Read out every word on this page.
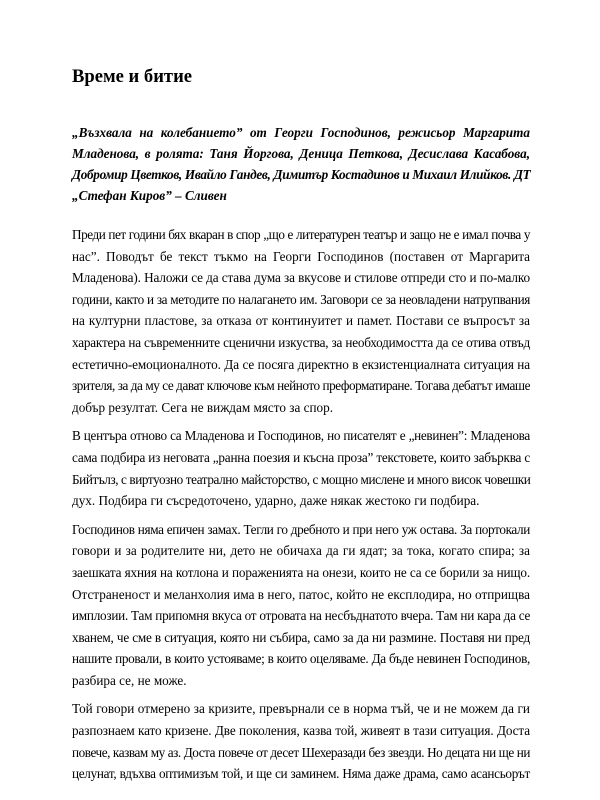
Време и битие

„Възхвала на колебанието” от Георги Господинов, режисьор Маргарита
Младенова, в ролята: Таня Йоргова, Деница Петкова, Десислава Касабова,
Добромир Цветков, Ивайло Гандев, Димитър Костадинов и Михаил Илийков. ДТ
„Стефан Киров” – Сливен

Преди пет години бях вкаран в спор „що е литературен театър и защо не е имал почва у
нас”. Поводът бе текст тъкмо на Георги Господинов (поставен от Маргарита
Младенова). Наложи се да става дума за вкусове и стилове отпреди сто и по-малко
години, както и за методите по налагането им. Заговори се за неовладени натрупвания
на културни пластове, за отказа от континуитет и памет. Постави се въпросът за
характера на съвременните сценични изкуства, за необходимостта да се отива отвъд
естетично-емоционалното. Да се посяга директно в екзистенциалната ситуация на
зрителя, за да му се дават ключове към нейното преформатиране. Тогава дебатът имаше
добър резултат. Сега не виждам място за спор.

В центъра отново са Младенова и Господинов, но писателят е „невинен”: Младенова
сама подбира из неговата „ранна поезия и късна проза” текстовете, които забърква с
Бийтълз, с виртуозно театрално майсторство, с мощно мислене и много висок човешки
дух. Подбира ги съсредоточено, ударно, даже някак жестоко ги подбира.

Господинов няма епичен замах. Тегли го дребното и при него уж остава. За портокали
говори и за родителите ни, дето не обичаха да ги ядат; за тока, когато спира; за
заешката яхния на котлона и пораженията на онези, които не са се борили за нищо.
Отстраненост и меланхолия има в него, патос, който не експлодира, но отприщва
имплозии. Там припомня вкуса от отровата на несбъднатото вчера. Там ни кара да се
хванем, че сме в ситуация, която ни събира, само за да ни размине. Поставя ни пред
нашите провали, в които устояваме; в които оцеляваме. Да бъде невинен Господинов,
разбира се, не може.

Той говори отмерено за кризите, превърнали се в норма тъй, че и не можем да ги
разпознаем като кризене. Две поколения, казва той, живеят в тази ситуация. Доста
повече, казвам му аз. Доста повече от десет Шехеразади без звезди. Но децата ни ще ни
целунат, вдъхва оптимизъм той, и ще си заминем. Няма даже драма, само асансьорът
